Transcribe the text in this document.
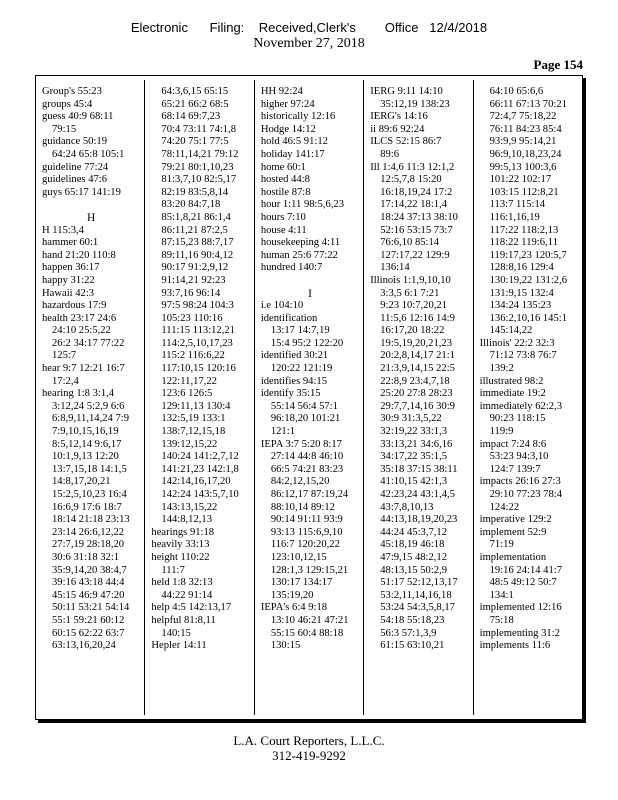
Electronic      Filing:    Received,Clerk's        Office   12/4/2018
November 27, 2018
Page 154
Group's 55:23
groups 45:4
guess 40:9 68:11
79:15
guidance 50:19
64:24 65:8 105:1
guideline 77:24
guidelines 47:6
guys 65:17 141:19

H
H 115:3,4
hammer 60:1
hand 21:20 110:8
happen 36:17
happy 31:22
Hawaii 42:3
hazardous 17:9
health 23:17 24:6
24:10 25:5,22
26:2 34:17 77:22
125:7
hear 9:7 12:21 16:7
17:2,4
hearing 1:8 3:1,4
3:12,24 5:2,9 6:6
6:8,9,11,14,24 7:9
7:9,10,15,16,19
8:5,12,14 9:6,17
10:1,9,13 12:20
13:7,15,18 14:1,5
14:8,17,20,21
15:2,5,10,23 16:4
16:6,9 17:6 18:7
18:14 21:18 23:13
23:14 26:6,12,22
27:7,19 28:18,20
30:6 31:18 32:1
35:9,14,20 38:4,7
39:16 43:18 44:4
45:15 46:9 47:20
50:11 53:21 54:14
55:1 59:21 60:12
60:15 62:22 63:7
63:13,16,20,24
64:3,6,15 65:15
65:21 66:2 68:5
68:14 69:7,23
70:4 73:11 74:1,8
74:20 75:1 77:5
78:11,14,21 79:12
79:21 80:1,10,23
81:3,7,10 82:5,17
82:19 83:5,8,14
83:20 84:7,18
85:1,8,21 86:1,4
86:11,21 87:2,5
87:15,23 88:7,17
89:11,16 90:4,12
90:17 91:2,9,12
91:14,21 92:23
93:7,16 96:14
97:5 98:24 104:3
105:23 110:16
111:15 113:12,21
114:2,5,10,17,23
115:2 116:6,22
117:10,15 120:16
122:11,17,22
123:6 126:5
129:11,13 130:4
132:5,19 133:1
138:7,12,15,18
139:12,15,22
140:24 141:2,7,12
141:21,23 142:1,8
142:14,16,17,20
142:24 143:5,7,10
143:13,15,22
144:8,12,13
hearings 91:18
heavily 33:13
height 110:22
111:7
held 1:8 32:13
44:22 91:14
help 4:5 142:13,17
helpful 81:8,11
140:15
Hepler 14:11
HH 92:24
higher 97:24
historically 12:16
Hodge 14:12
hold 46:5 91:12
holiday 141:17
home 60:1
hosted 44:8
hostile 87:8
hour 1:11 98:5,6,23
hours 7:10
house 4:11
housekeeping 4:11
human 25:6 77:22
hundred 140:7

I
i.e 104:10
identification
13:17 14:7,19
15:4 95:2 122:20
identified 30:21
120:22 121:19
identifies 94:15
identify 35:15
55:14 56:4 57:1
96:18,20 101:21
121:1
IEPA 3:7 5:20 8:17
27:14 44:8 46:10
66:5 74:21 83:23
84:2,12,15,20
86:12,17 87:19,24
88:10,14 89:12
90:14 91:11 93:9
93:13 115:6,9,10
116:7 120:20,22
123:10,12,15
128:1,3 129:15,21
130:17 134:17
135:19,20
IEPA's 6:4 9:18
13:10 46:21 47:21
55:15 60:4 88:18
130:15
IERG 9:11 14:10
35:12,19 138:23
IERG's 14:16
ii 89:6 92:24
ILCS 52:15 86:7
89:6
Ill 1:4,6 11:3 12:1,2
12:5,7,8 15:20
16:18,19,24 17:2
17:14,22 18:1,4
18:24 37:13 38:10
52:16 53:15 73:7
76:6,10 85:14
127:17,22 129:9
136:14
Illinois 1:1,9,10,10
3:3,5 6:1 7:21
9:23 10:7,20,21
11:5,6 12:16 14:9
16:17,20 18:22
19:5,19,20,21,23
20:2,8,14,17 21:1
21:3,9,14,15 22:5
22:8,9 23:4,7,18
25:20 27:8 28:23
29:7,7,14,16 30:9
30:9 31:3,5,22
32:19,22 33:1,3
33:13,21 34:6,16
34:17,22 35:1,5
35:18 37:15 38:11
41:10,15 42:1,3
42:23,24 43:1,4,5
43:7,8,10,13
44:13,18,19,20,23
44:24 45:3,7,12
45:18,19 46:18
47:9,15 48:2,12
48:13,15 50:2,9
51:17 52:12,13,17
53:2,11,14,16,18
53:24 54:3,5,8,17
54:18 55:18,23
56:3 57:1,3,9
61:15 63:10,21
64:10 65:6,6
66:11 67:13 70:21
72:4,7 75:18,22
76:11 84:23 85:4
93:9,9 95:14,21
96:9,10,18,23,24
99:5,13 100:3,6
101:22 102:17
103:15 112:8,21
113:7 115:14
116:1,16,19
117:22 118:2,13
118:22 119:6,11
119:17,23 120:5,7
128:8,16 129:4
130:19,22 131:2,6
131:9,15 132:4
134:24 135:23
136:2,10,16 145:1
145:14,22
Illinois' 22:2 32:3
71:12 73:8 76:7
139:2
illustrated 98:2
immediate 19:2
immediately 62:2,3
90:23 118:15
119:9
impact 7:24 8:6
53:23 94:3,10
124:7 139:7
impacts 26:16 27:3
29:10 77:23 78:4
124:22
imperative 129:2
implement 52:9
71:19
implementation
19:16 24:14 41:7
48:5 49:12 50:7
134:1
implemented 12:16
75:18
implementing 31:2
implements 11:6
L.A. Court Reporters, L.L.C.
312-419-9292
